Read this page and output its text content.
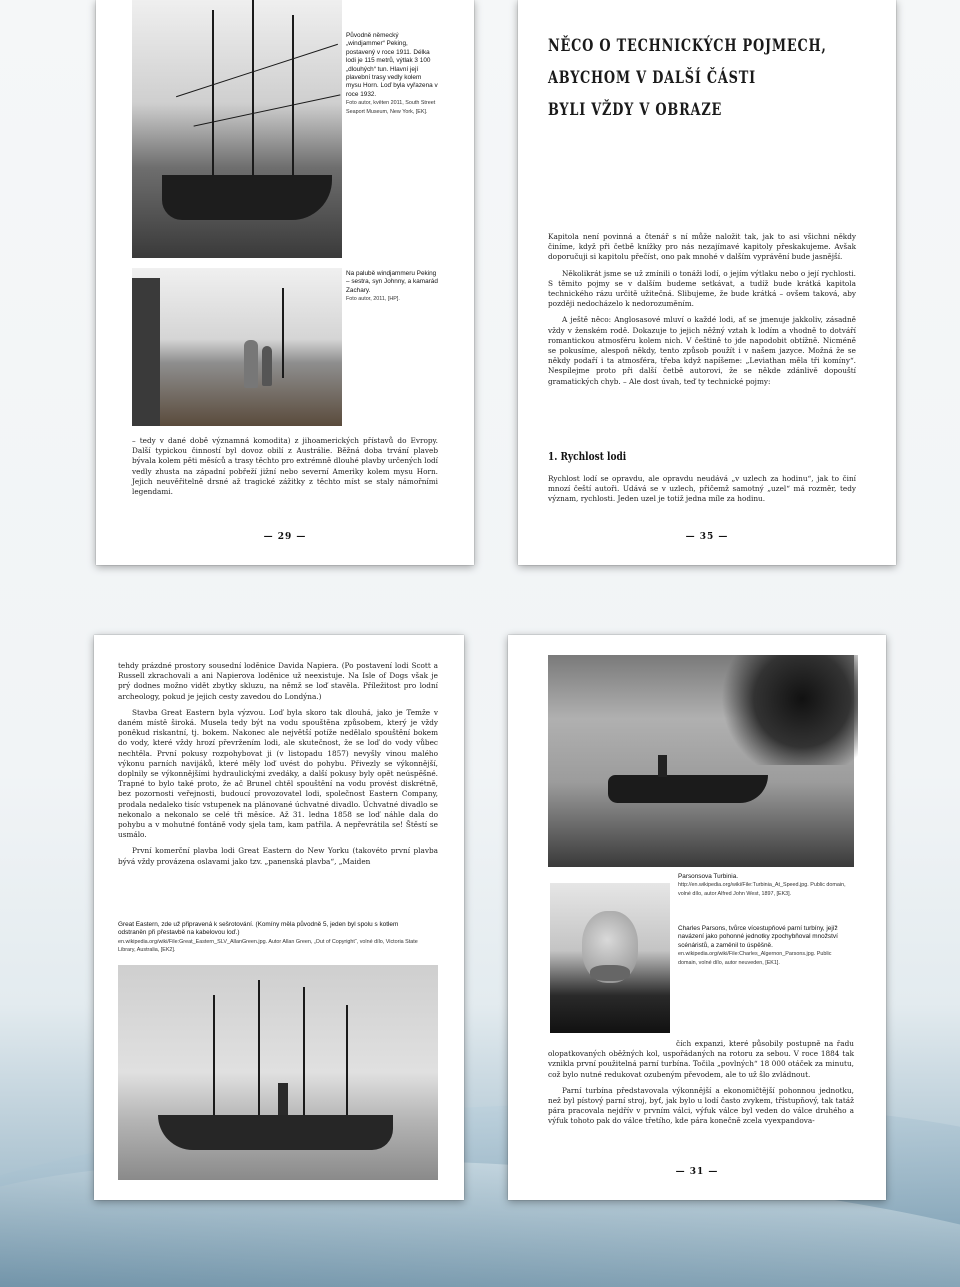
Původně německý „windjammer“ Peking, postavený v roce 1911. Délka lodi je 115 metrů, výtlak 3 100 „dlouhých“ tun. Hlavní její plavební trasy vedly kolem mysu Horn. Loď byla vyřazena v roce 1932.
Foto autor, květen 2011, South Street Seaport Museum, New York, [EK].
Na palubě windjammeru Peking – sestra, syn Johnny, a kamarád Zachary.
Foto autor, 2011, [HP].

– tedy v dané době významná komodita) z jihoamerických přístavů do Evropy. Další typickou činností byl dovoz obilí z Austrálie. Běžná doba trvání plaveb bývala kolem pěti měsíců a trasy těchto pro extrémně dlouhé plavby určených lodí vedly zhusta na západní pobřeží jižní nebo severní Ameriky kolem mysu Horn. Jejich neuvěřitelně drsné až tragické zážitky z těchto míst se staly námořními legendami.

— 29 —
NĚCO O TECHNICKÝCH POJMECH,
ABYCHOM V DALŠÍ ČÁSTI
BYLI VŽDY V OBRAZE

Kapitola není povinná a čtenář s ní může naložit tak, jak to asi všichni někdy činíme, když při četbě knížky pro nás nezajímavé kapitoly přeskakujeme. Avšak doporučuji si kapitolu přečíst, ono pak mnohé v dalším vyprávění bude jasnější.

Několikrát jsme se už zmínili o tonáži lodí, o jejím výtlaku nebo o její rychlosti. S těmito pojmy se v dalším budeme setkávat, a tudíž bude krátká kapitola technického rázu určitě užitečná. Slibujeme, že bude krátká – ovšem taková, aby později nedocházelo k nedorozuměním.

A ještě něco: Anglosasové mluví o každé lodi, ať se jmenuje jakkoliv, zásadně vždy v ženském rodě. Dokazuje to jejich něžný vztah k lodím a vhodně to dotváří romantickou atmosféru kolem nich. V češtině to jde napodobit obtížně. Nicméně se pokusíme, alespoň někdy, tento způsob použít i v našem jazyce. Možná že se někdy podaří i ta atmosféra, třeba když napíšeme: „Leviathan měla tři komíny“. Nespílejme proto při další četbě autorovi, že se někde zdánlivě dopouští gramatických chyb. – Ale dost úvah, teď ty technické pojmy:

1. Rychlost lodi

Rychlost lodí se opravdu, ale opravdu neudává „v uzlech za hodinu“, jak to činí mnozí čeští autoři. Udává se v uzlech, přičemž samotný „uzel“ má rozměr, tedy význam, rychlosti. Jeden uzel je totiž jedna míle za hodinu.

— 35 —

tehdy prázdné prostory sousední loděnice Davida Napiera. (Po postavení lodi Scott a Russell zkrachovali a ani Napierova loděnice už neexistuje. Na Isle of Dogs však je prý dodnes možno vidět zbytky skluzu, na němž se loď stavěla. Příležitost pro lodní archeology, pokud je jejich cesty zavedou do Londýna.)

Stavba Great Eastern byla výzvou. Loď byla skoro tak dlouhá, jako je Temže v daném místě široká. Musela tedy být na vodu spouštěna způsobem, který je vždy poněkud riskantní, tj. bokem. Nakonec ale největší potíže nedělalo spouštění bokem do vody, které vždy hrozí převržením lodi, ale skutečnost, že se loď do vody vůbec nechtěla. První pokusy rozpohybovat ji (v listopadu 1857) nevyšly vinou malého výkonu parních navijáků, které měly loď uvést do pohybu. Přivezly se výkonnější, doplnily se výkonnějšími hydraulickými zvedáky, a další pokusy byly opět neúspěšné. Trapné to bylo také proto, že ač Brunel chtěl spouštění na vodu provést diskrétně, bez pozornosti veřejnosti, budoucí provozovatel lodi, společnost Eastern Company, prodala nedaleko tisíc vstupenek na plánované úchvatné divadlo. Úchvatné divadlo se nekonalo a nekonalo se celé tři měsíce. Až 31. ledna 1858 se loď náhle dala do pohybu a v mohutné fontáně vody sjela tam, kam patřila. A nepřevrátila se! Štěstí se usmálo.

První komerční plavba lodi Great Eastern do New Yorku (takovéto první plavba bývá vždy provázena oslavami jako tzv. „panenská plavba“, „Maiden

Great Eastern, zde už připravená k sešrotování. (Komíny měla původně 5, jeden byl spolu s kotlem odstraněn při přestavbě na kabelovou loď.)
en.wikipedia.org/wiki/File:Great_Eastern_SLV_AllanGreen.jpg. Autor Allan Green, „Out of Copyright“, volné dílo, Victoria State Library, Australia, [EK2].
Parsonsova Turbinia.
http://en.wikipedia.org/wiki/File:Turbinia_At_Speed.jpg. Public domain, volné dílo, autor Alfred John West, 1897, [EK3].
Charles Parsons, tvůrce vícestupňové parní turbíny, jejíž navázení jako pohonné jednotky zpochybňoval množství scénáristů, a zaměnil to úspěšně.
en.wikipedia.org/wiki/File:Charles_Algernon_Parsons.jpg. Public domain, volné dílo, autor neuveden, [EK1].

čích expanzi, které působily postupně na řadu olopatkovaných oběžných kol, uspořádaných na rotoru za sebou. V roce 1884 tak vznikla první použitelná parní turbína. Točila „povlných“ 18 000 otáček za minutu, což bylo nutné redukovat ozubeným převodem, ale to už šlo zvládnout.

Parní turbína představovala výkonnější a ekonomičtější pohonnou jednotku, než byl pístový parní stroj, byť, jak bylo u lodí často zvykem, třístupňový, tak tatáž pára pracovala nejdřív v prvním válci, výfuk válce byl veden do válce druhého a výfuk tohoto pak do válce třetího, kde pára konečně zcela vyexpandova-

— 31 —
